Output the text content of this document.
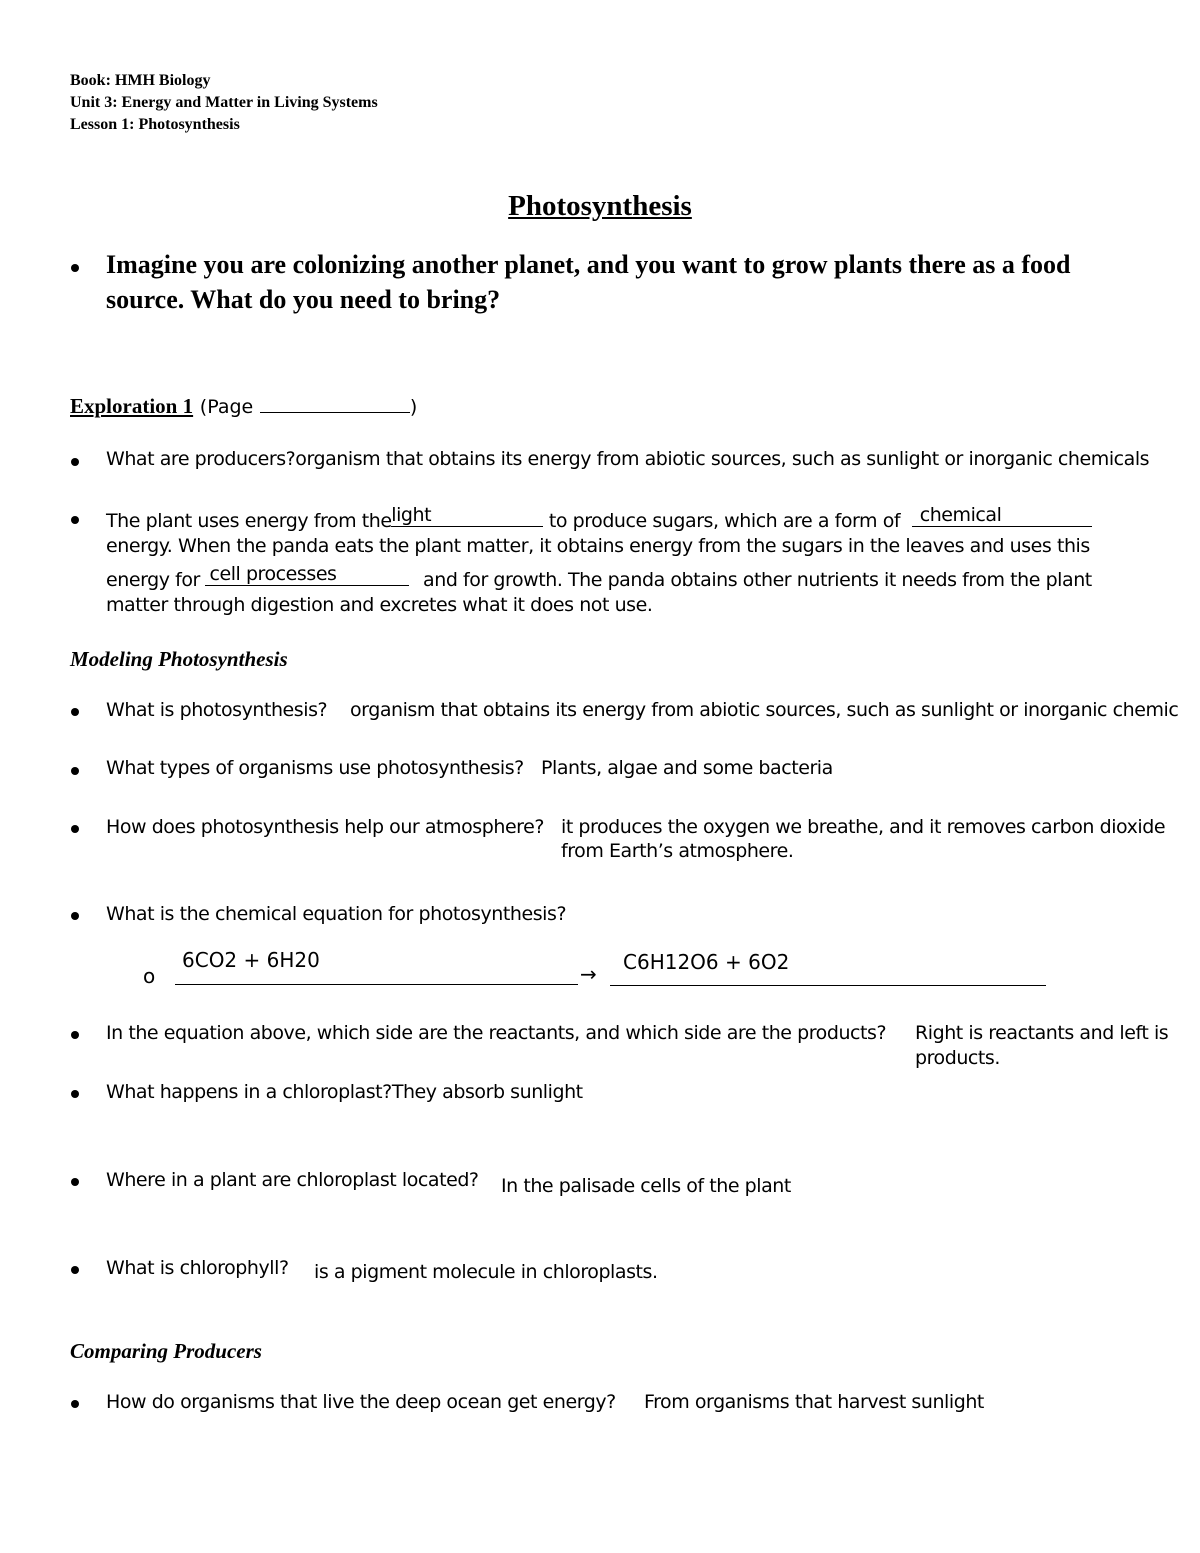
Book: HMH Biology
Unit 3: Energy and Matter in Living Systems
Lesson 1: Photosynthesis
Photosynthesis
Imagine you are colonizing another planet, and you want to grow plants there as a food
source. What do you need to bring?
Exploration 1 (Page	)
What are producers?organism that obtains its energy from abiotic sources, such as sunlight or inorganic chemicals
The plant uses energy from the
light	to produce sugars, which are a form of chemical
energy. When the panda eats the plant matter, it obtains energy from the sugars in the leaves and uses this
energy for cell processes	and for growth. The panda obtains other nutrients it needs from the plant
matter through digestion and excretes what it does not use.
Modeling Photosynthesis
What is photosynthesis? organism that obtains its energy from abiotic sources, such as sunlight or inorganic chemic
What types of organisms use photosynthesis? Plants, algae and some bacteria
How does photosynthesis help our atmosphere? it produces the oxygen we breathe, and it removes carbon dioxide
from Earth’s atmosphere.
What is the chemical equation for photosynthesis?
o
6CO2 + 6H20
→ C6H12O6 + 6O2
In the equation above, which side are the reactants, and which side are the products? Right is reactants and left is
products.
What happens in a chloroplast?They absorb sunlight
Where in a plant are chloroplast located? In the palisade cells of the plant
What is chlorophyll? is a pigment molecule in chloroplasts.
Comparing Producers
How do organisms that live the deep ocean get energy? From organisms that harvest sunlight
